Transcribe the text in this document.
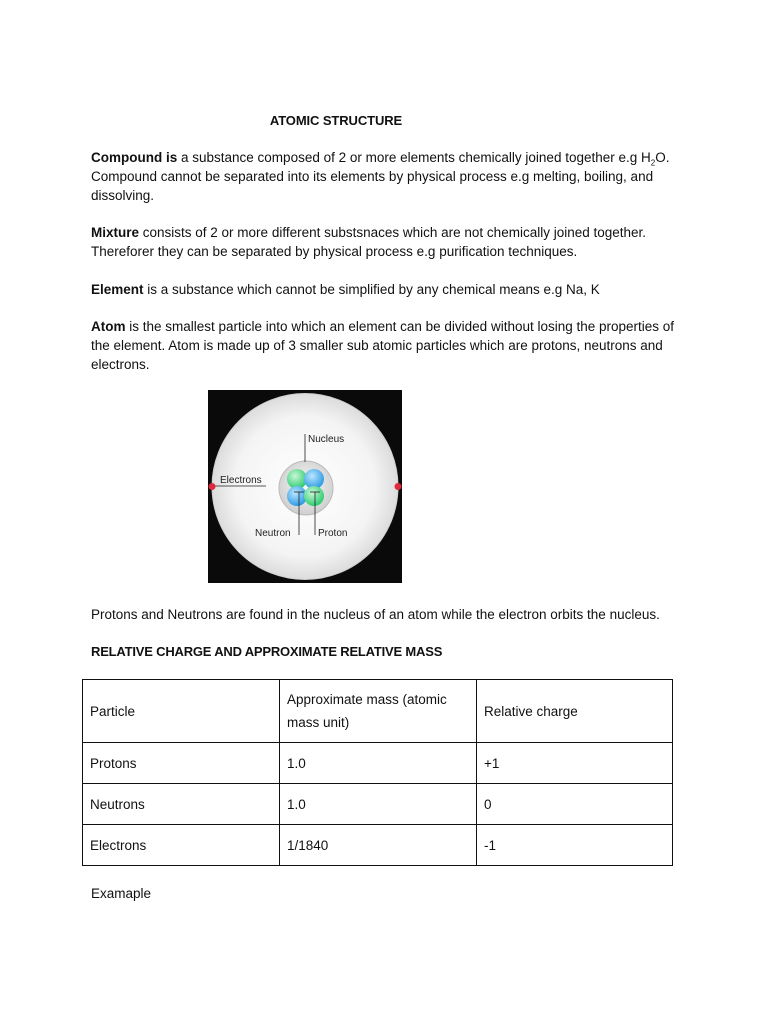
ATOMIC STRUCTURE

Compound is a substance composed of 2 or more elements chemically joined together e.g $H_2O$. Compound cannot be separated into its elements by physical process e.g melting, boiling, and dissolving.

Mixture consists of 2 or more different substsnaces which are not chemically joined together. Thereforer they can be separated by physical process e.g purification techniques.

Element is a substance which cannot be simplified by any chemical means e.g Na, K

Atom is the smallest particle into which an element can be divided without losing the properties of the element. Atom is made up of 3 smaller sub atomic particles which are protons, neutrons and electrons.

Nucleus
Electrons
Neutron	Proton

Protons and Neutrons are found in the nucleus of an atom while the electron orbits the nucleus.

RELATIVE CHARGE AND APPROXIMATE RELATIVE MASS
Particle	Approximate mass (atomic mass unit)	Relative charge

Protons	1.0	+1
Neutrons	1.0	0
Electrons	1/1840	-1
Examaple
